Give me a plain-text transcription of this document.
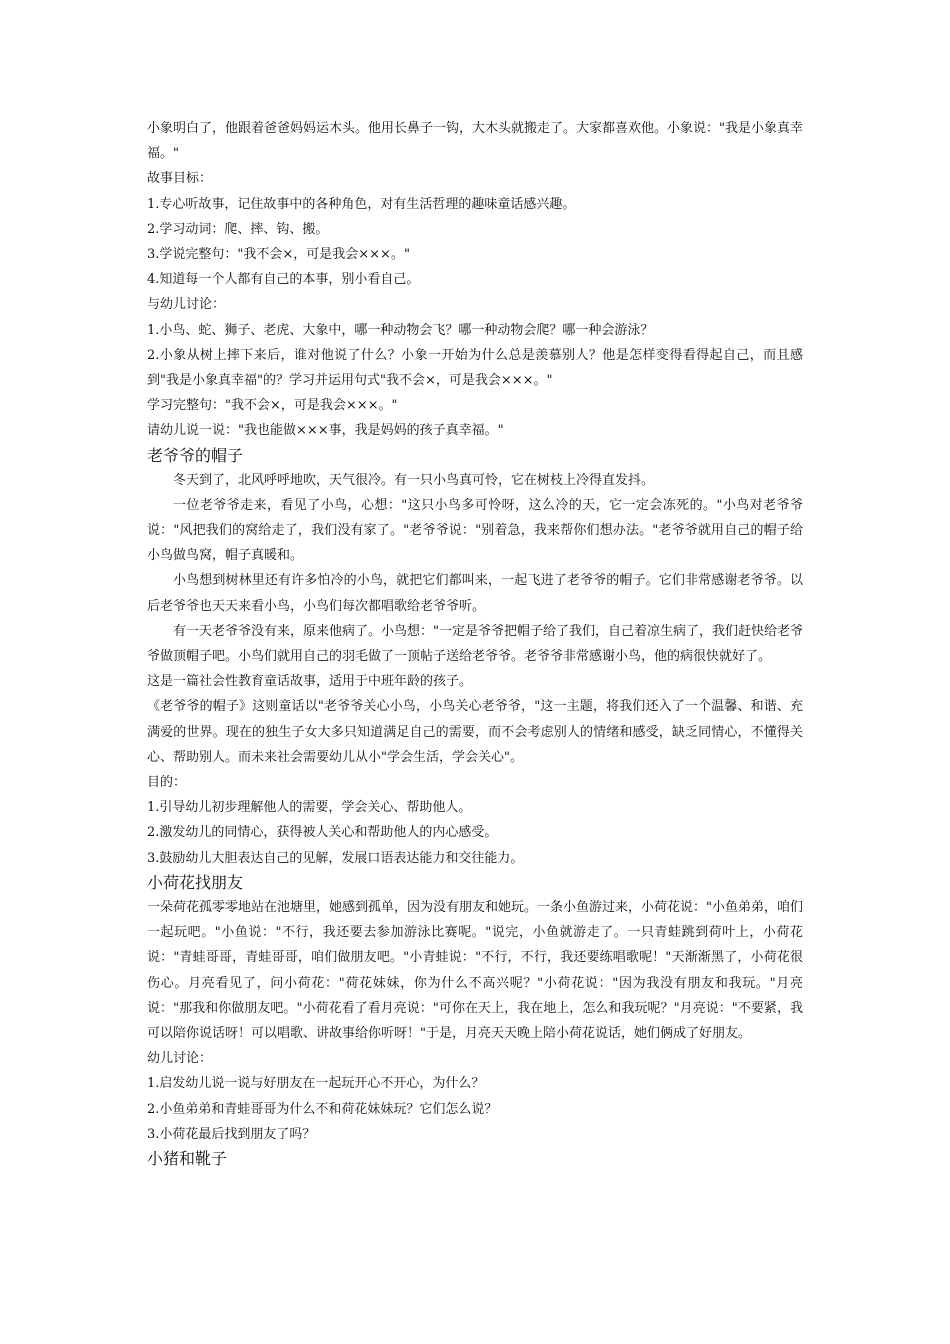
小象明白了，他跟着爸爸妈妈运木头。他用长鼻子一钩，大木头就搬走了。大家都喜欢他。小象说："我是小象真幸福。"

故事目标：

1.专心听故事，记住故事中的各种角色，对有生活哲理的趣味童话感兴趣。

2.学习动词：爬、摔、钩、搬。

3.学说完整句："我不会×，可是我会×××。"

4.知道每一个人都有自己的本事，别小看自己。

与幼儿讨论：

1.小鸟、蛇、狮子、老虎、大象中，哪一种动物会飞？哪一种动物会爬？哪一种会游泳？

2.小象从树上摔下来后，谁对他说了什么？小象一开始为什么总是羡慕别人？他是怎样变得看得起自己，而且感到"我是小象真幸福"的？学习并运用句式"我不会×，可是我会×××。"

学习完整句："我不会×，可是我会×××。"

请幼儿说一说："我也能做×××事，我是妈妈的孩子真幸福。"

老爷爷的帽子

冬天到了，北风呼呼地吹，天气很冷。有一只小鸟真可怜，它在树枝上冷得直发抖。

一位老爷爷走来，看见了小鸟，心想："这只小鸟多可怜呀，这么冷的天，它一定会冻死的。"小鸟对老爷爷说："风把我们的窝给走了，我们没有家了。"老爷爷说："别着急，我来帮你们想办法。"老爷爷就用自己的帽子给小鸟做鸟窝，帽子真暖和。

小鸟想到树林里还有许多怕冷的小鸟，就把它们都叫来，一起飞进了老爷爷的帽子。它们非常感谢老爷爷。以后老爷爷也天天来看小鸟，小鸟们每次都唱歌给老爷爷听。

有一天老爷爷没有来，原来他病了。小鸟想："一定是爷爷把帽子给了我们，自己着凉生病了，我们赶快给老爷爷做顶帽子吧。小鸟们就用自己的羽毛做了一顶帖子送给老爷爷。老爷爷非常感谢小鸟，他的病很快就好了。

这是一篇社会性教育童话故事，适用于中班年龄的孩子。

《老爷爷的帽子》这则童话以"老爷爷关心小鸟，小鸟关心老爷爷，"这一主题，将我们还入了一个温馨、和谐、充满爱的世界。现在的独生子女大多只知道满足自己的需要，而不会考虑别人的情绪和感受，缺乏同情心，不懂得关心、帮助别人。而未来社会需要幼儿从小"学会生活，学会关心"。

目的：

1.引导幼儿初步理解他人的需要，学会关心、帮助他人。

2.激发幼儿的同情心，获得被人关心和帮助他人的内心感受。

3.鼓励幼儿大胆表达自己的见解，发展口语表达能力和交往能力。

小荷花找朋友

一朵荷花孤零零地站在池塘里，她感到孤单，因为没有朋友和她玩。一条小鱼游过来，小荷花说："小鱼弟弟，咱们一起玩吧。"小鱼说："不行，我还要去参加游泳比赛呢。"说完，小鱼就游走了。一只青蛙跳到荷叶上，小荷花说："青蛙哥哥，青蛙哥哥，咱们做朋友吧。"小青蛙说："不行，不行，我还要练唱歌呢！"天渐渐黑了，小荷花很伤心。月亮看见了，问小荷花："荷花妹妹，你为什么不高兴呢？"小荷花说："因为我没有朋友和我玩。"月亮说："那我和你做朋友吧。"小荷花看了看月亮说："可你在天上，我在地上，怎么和我玩呢？"月亮说："不要紧，我可以陪你说话呀！可以唱歌、讲故事给你听呀！"于是，月亮天天晚上陪小荷花说话，她们俩成了好朋友。

幼儿讨论：

1.启发幼儿说一说与好朋友在一起玩开心不开心，为什么？

2.小鱼弟弟和青蛙哥哥为什么不和荷花妹妹玩？它们怎么说？

3.小荷花最后找到朋友了吗？

小猪和靴子
